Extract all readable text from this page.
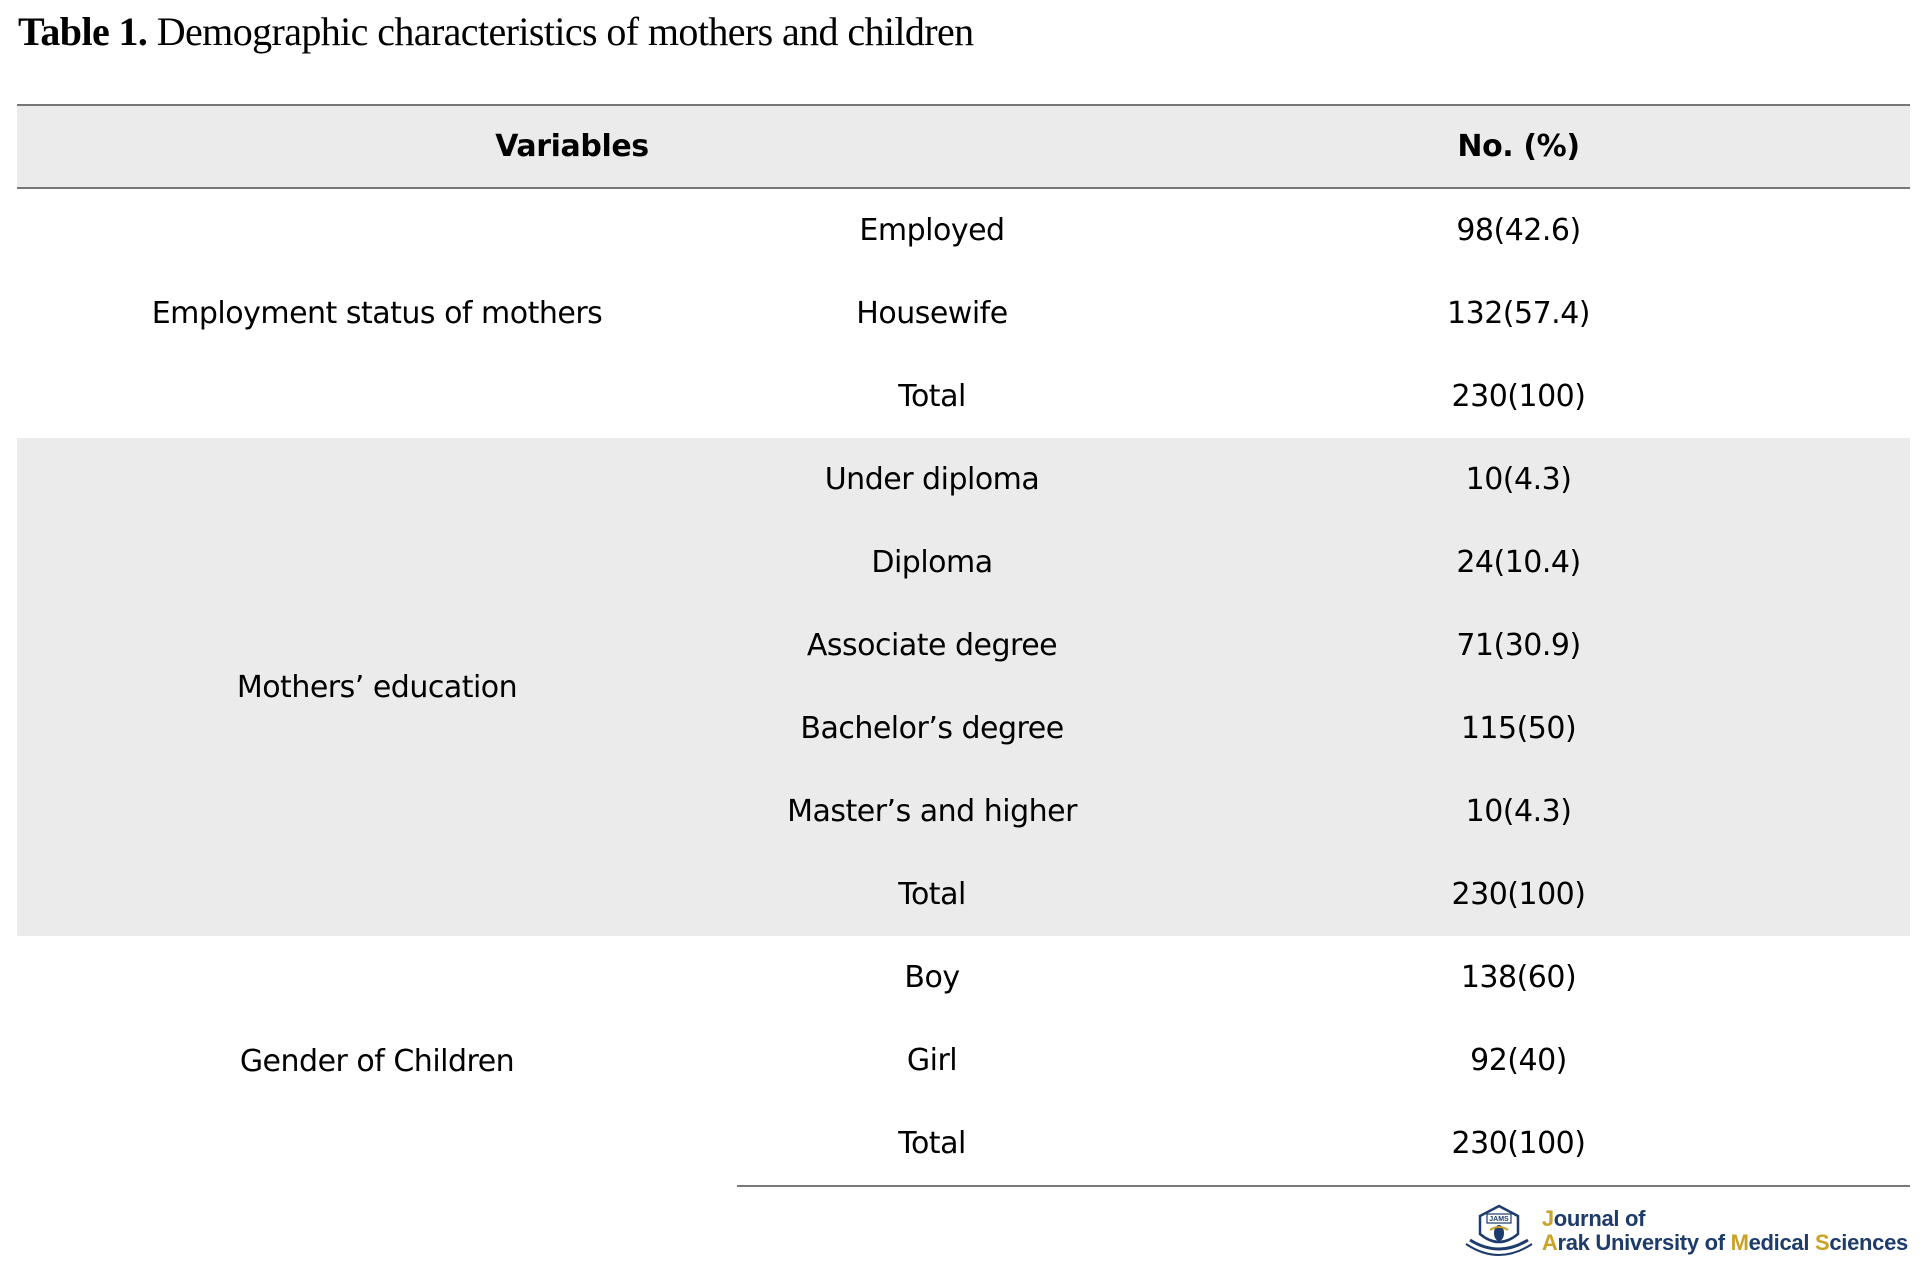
Table 1. Demographic characteristics of mothers and children
Variables		No. (%)
Employment status of mothers	Employed	98(42.6)
	Housewife	132(57.4)
	Total	230(100)
Mothers’ education	Under diploma	10(4.3)
	Diploma	24(10.4)
	Associate degree	71(30.9)
	Bachelor’s degree	115(50)
	Master’s and higher	10(4.3)
	Total	230(100)
Gender of Children	Boy	138(60)
	Girl	92(40)
	Total	230(100)
JAMS Journal of
Arak University of Medical Sciences
